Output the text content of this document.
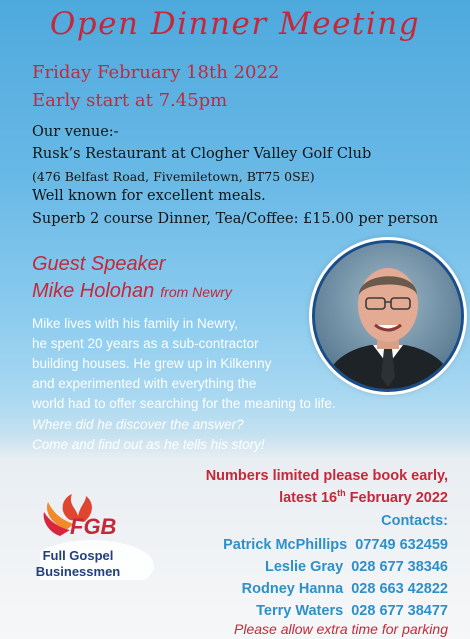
Open Dinner Meeting
Friday February 18th 2022
Early start at 7.45pm
Our venue:-
Rusk’s Restaurant at Clogher Valley Golf Club
(476 Belfast Road, Fivemiletown, BT75 0SE)
Well known for excellent meals.
Superb 2 course Dinner, Tea/Coffee: £15.00 per person
Guest Speaker
Mike Holohan from Newry
Mike lives with his family in Newry,
he spent 20 years as a sub-contractor
building houses. He grew up in Kilkenny
and experimented with everything the
world had to offer searching for the meaning to life.
Where did he discover the answer?
Come and find out as he tells his story!
Numbers limited please book early,
latest 16th February 2022
Contacts:
Patrick McPhillips 07749 632459
Leslie Gray 028 677 38346
Rodney Hanna 028 663 42822
Terry Waters 028 677 38477
Please allow extra time for parking
FGB
Full Gospel
Businessmen
